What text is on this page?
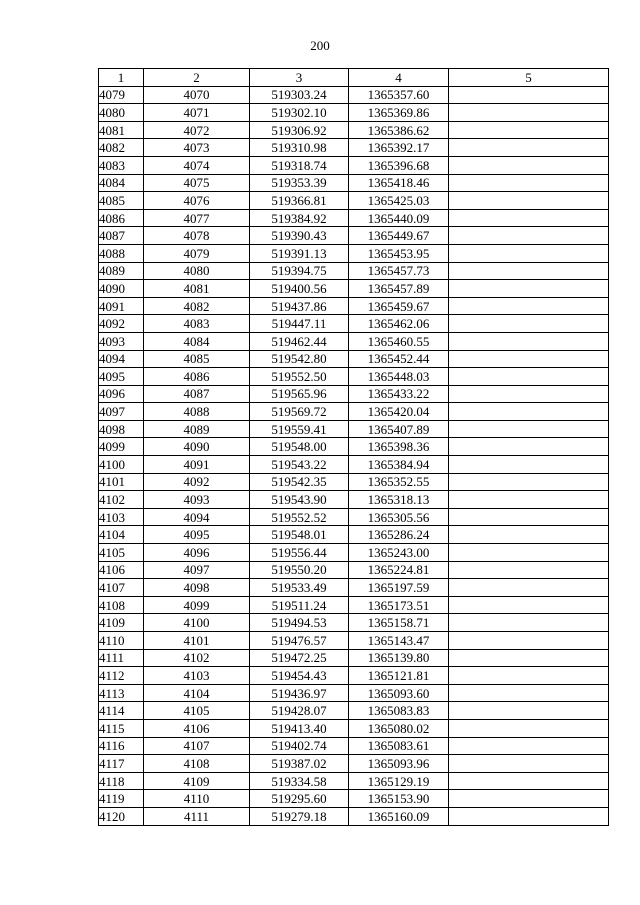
200
1	2	3	4	5
4079	4070	519303.24	1365357.60	
4080	4071	519302.10	1365369.86	
4081	4072	519306.92	1365386.62	
4082	4073	519310.98	1365392.17	
4083	4074	519318.74	1365396.68	
4084	4075	519353.39	1365418.46	
4085	4076	519366.81	1365425.03	
4086	4077	519384.92	1365440.09	
4087	4078	519390.43	1365449.67	
4088	4079	519391.13	1365453.95	
4089	4080	519394.75	1365457.73	
4090	4081	519400.56	1365457.89	
4091	4082	519437.86	1365459.67	
4092	4083	519447.11	1365462.06	
4093	4084	519462.44	1365460.55	
4094	4085	519542.80	1365452.44	
4095	4086	519552.50	1365448.03	
4096	4087	519565.96	1365433.22	
4097	4088	519569.72	1365420.04	
4098	4089	519559.41	1365407.89	
4099	4090	519548.00	1365398.36	
4100	4091	519543.22	1365384.94	
4101	4092	519542.35	1365352.55	
4102	4093	519543.90	1365318.13	
4103	4094	519552.52	1365305.56	
4104	4095	519548.01	1365286.24	
4105	4096	519556.44	1365243.00	
4106	4097	519550.20	1365224.81	
4107	4098	519533.49	1365197.59	
4108	4099	519511.24	1365173.51	
4109	4100	519494.53	1365158.71	
4110	4101	519476.57	1365143.47	
4111	4102	519472.25	1365139.80	
4112	4103	519454.43	1365121.81	
4113	4104	519436.97	1365093.60	
4114	4105	519428.07	1365083.83	
4115	4106	519413.40	1365080.02	
4116	4107	519402.74	1365083.61	
4117	4108	519387.02	1365093.96	
4118	4109	519334.58	1365129.19	
4119	4110	519295.60	1365153.90	
4120	4111	519279.18	1365160.09	
